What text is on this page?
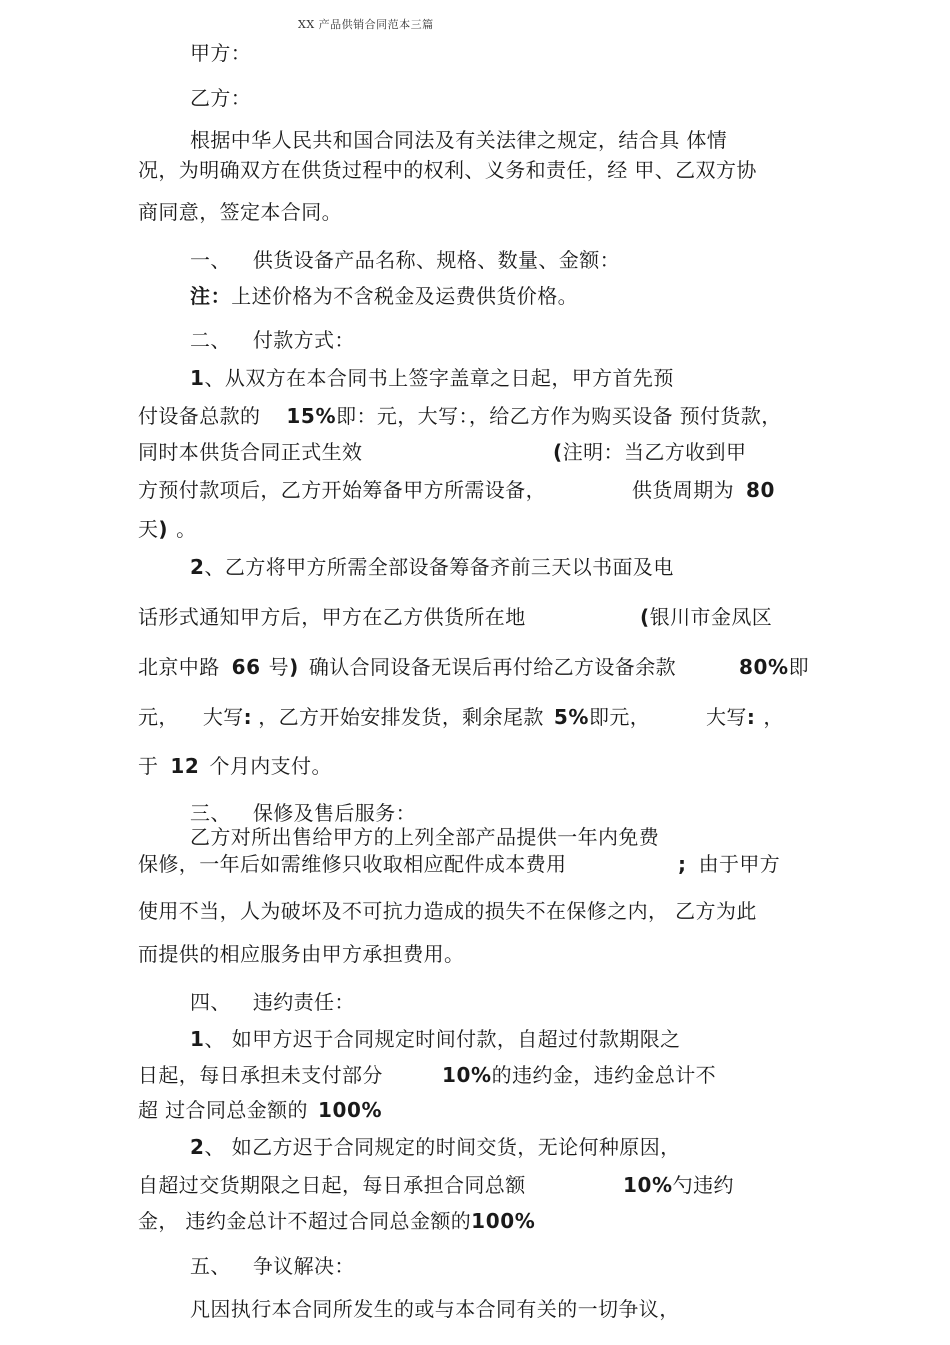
XX 产品供销合同范本三篇
甲方：
乙方：
根据中华人民共和国合同法及有关法律之规定，结合具 体情
况，为明确双方在供货过程中的权利、义务和责任，经 甲、乙双方协
商同意，签定本合同。
一、 供货设备产品名称、规格、数量、金额：
注：上述价格为不含税金及运费供货价格。
二、 付款方式：
1、从双方在本合同书上签字盖章之日起，甲方首先预
付设备总款的 15%即：元，大写：，给乙方作为购买设备 预付货款，
同时本供货合同正式生效	(注明：当乙方收到甲
方预付款项后，乙方开始筹备甲方所需设备，	供货周期为 80
天) 。
2、乙方将甲方所需全部设备筹备齐前三天以书面及电
话形式通知甲方后，甲方在乙方供货所在地	(银川市金凤区
北京中路 66 号) 确认合同设备无误后再付给乙方设备余款	80%即
元， 大写: ，乙方开始安排发货，剩余尾款 5%即元，	大写: ，
于 12 个月内支付。
三、 保修及售后服务：
乙方对所出售给甲方的上列全部产品提供一年内免费
保修，一年后如需维修只收取相应配件成本费用	; 由于甲方
使用不当，人为破坏及不可抗力造成的损失不在保修之内， 乙方为此
而提供的相应服务由甲方承担费用。
四、 违约责任：
1、 如甲方迟于合同规定时间付款，自超过付款期限之
日起，每日承担未支付部分	10%的违约金，违约金总计不
超 过合同总金额的 100%
2、 如乙方迟于合同规定的时间交货，无论何种原因，
自超过交货期限之日起，每日承担合同总额	10%勺违约
金， 违约金总计不超过合同总金额的100%
五、 争议解决：
凡因执行本合同所发生的或与本合同有关的一切争议，
